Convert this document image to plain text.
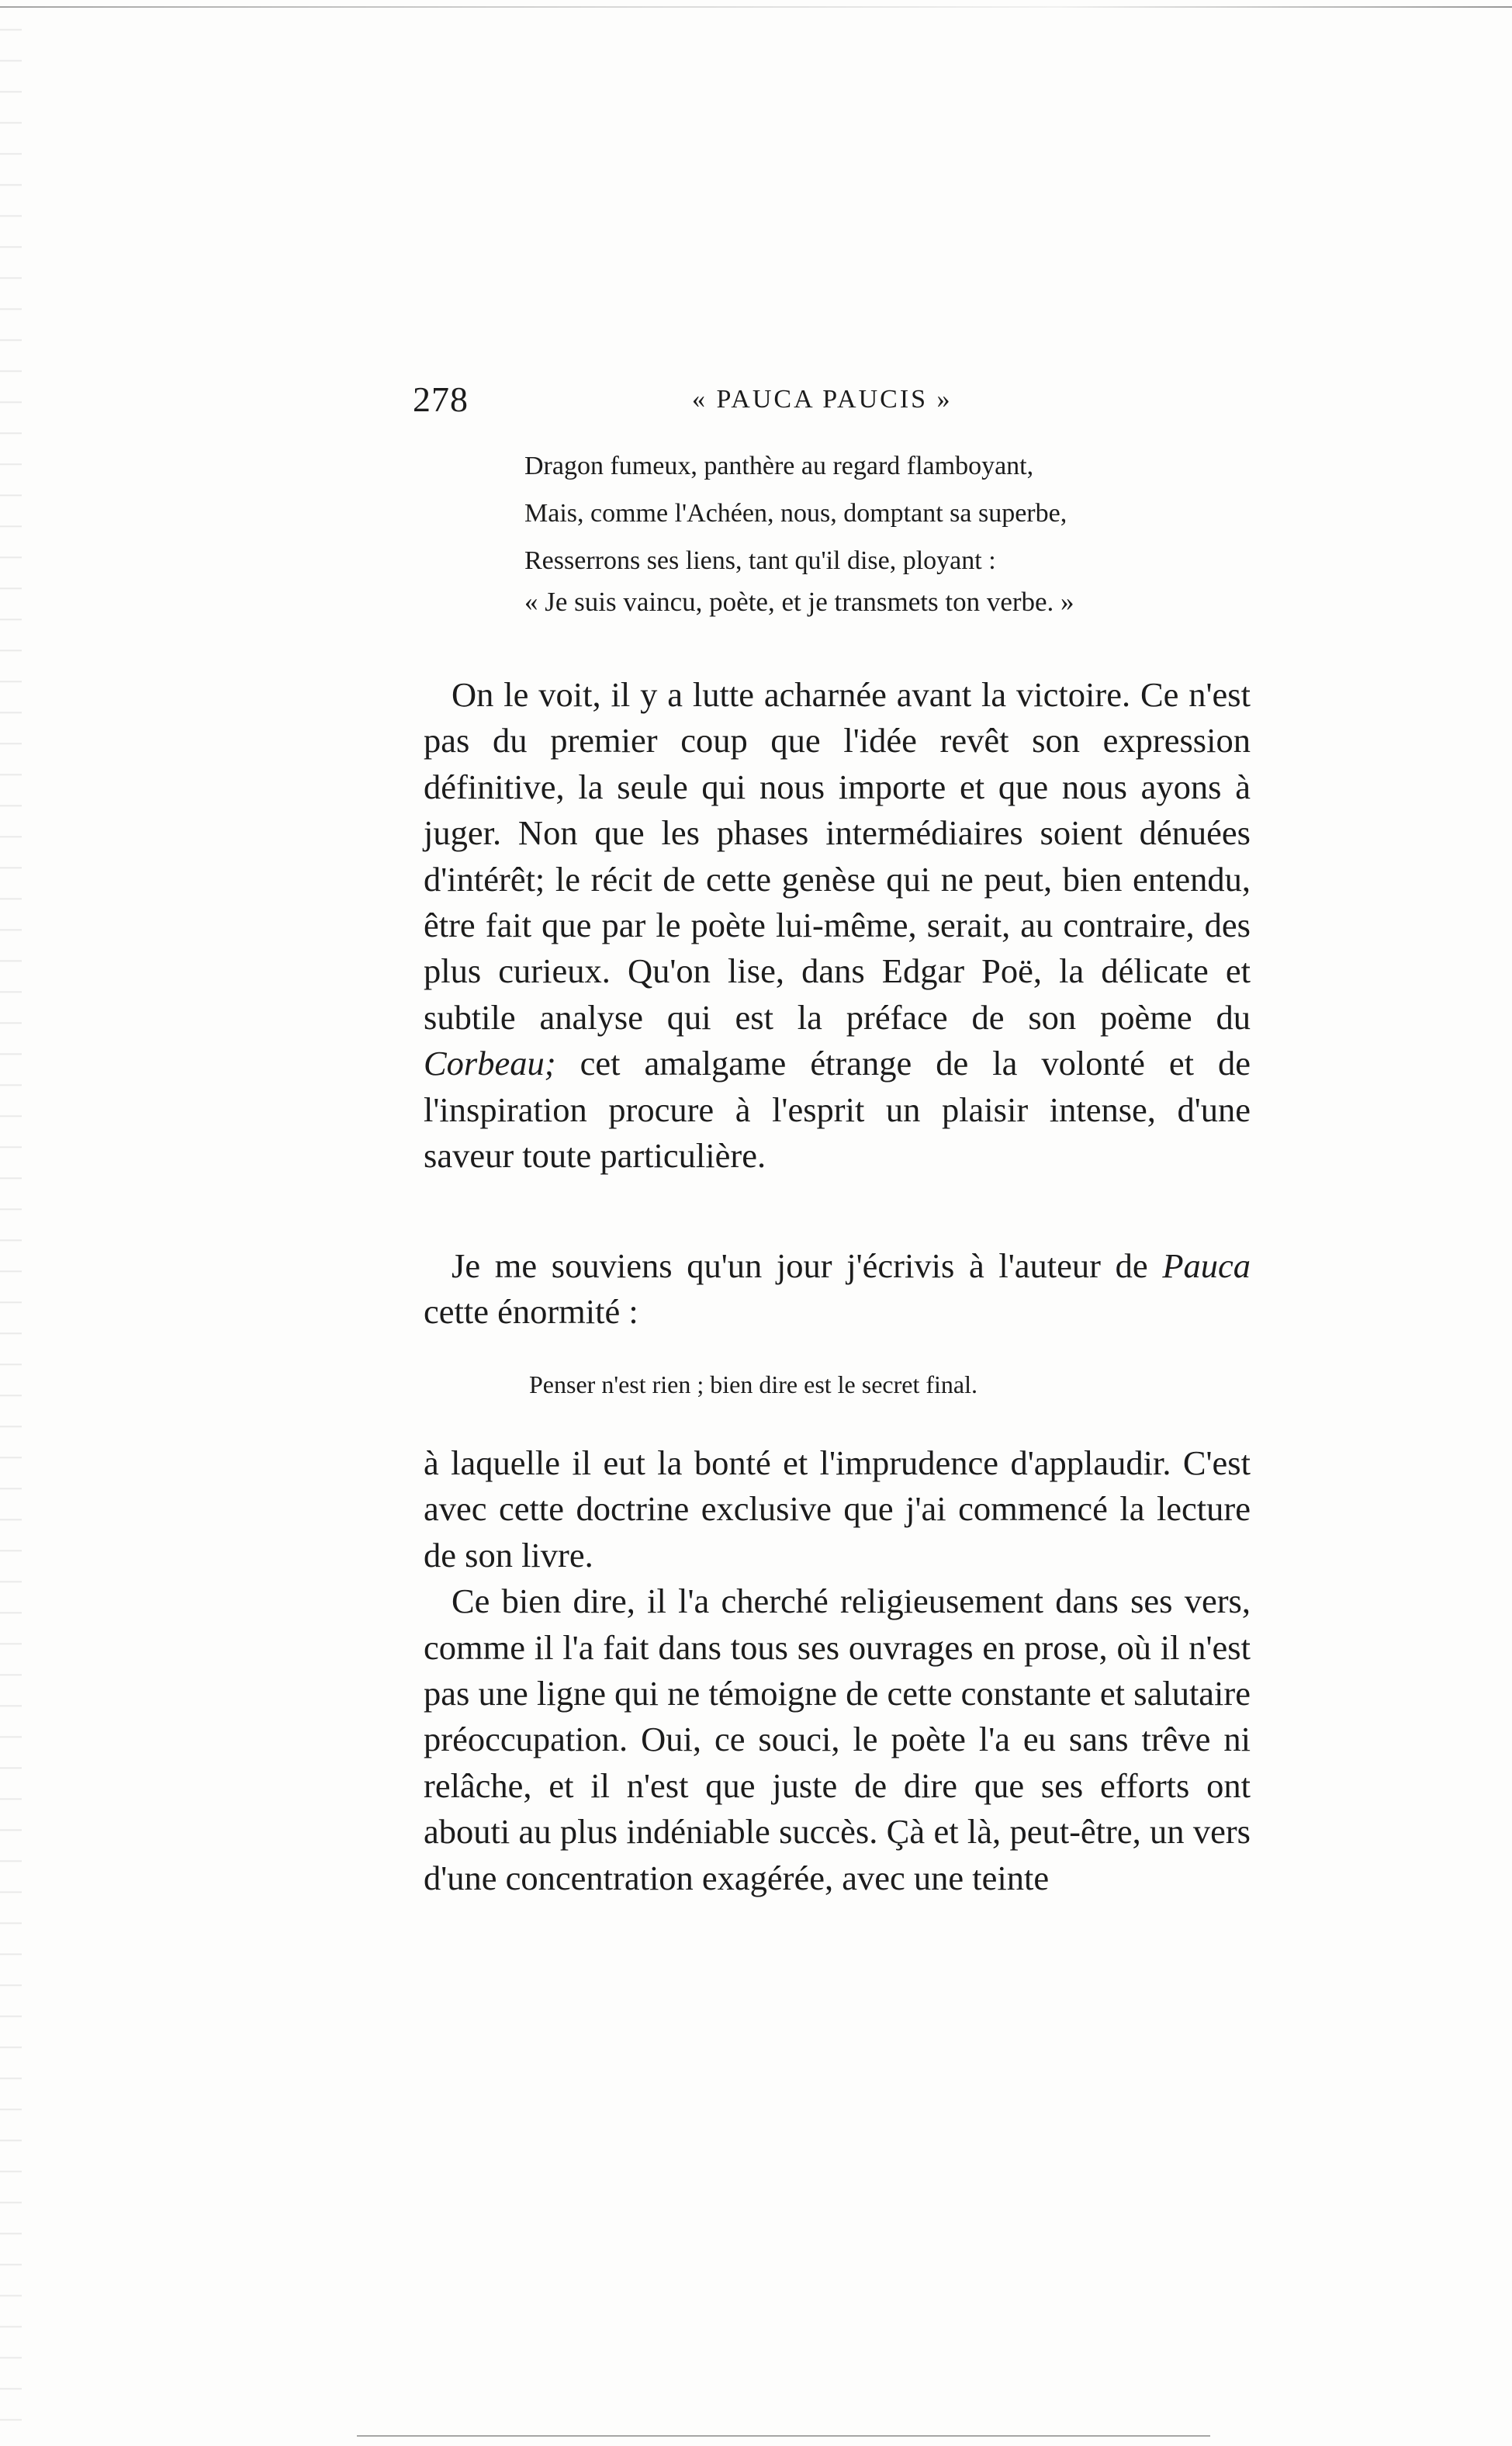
278	« PAUCA PAUCIS »
Dragon fumeux, panthère au regard flamboyant,
Mais, comme l'Achéen, nous, domptant sa superbe,
Resserrons ses liens, tant qu'il dise, ployant :
« Je suis vaincu, poète, et je transmets ton verbe. »

On le voit, il y a lutte acharnée avant la victoire. Ce n'est pas du premier coup que l'idée revêt son expression définitive, la seule qui nous importe et que nous ayons à juger. Non que les phases intermédiaires soient dénuées d'intérêt; le récit de cette genèse qui ne peut, bien entendu, être fait que par le poète lui-même, serait, au contraire, des plus curieux. Qu'on lise, dans Edgar Poë, la délicate et subtile analyse qui est la préface de son poème du Corbeau; cet amalgame étrange de la volonté et de l'inspiration procure à l'esprit un plaisir intense, d'une saveur toute particulière.

Je me souviens qu'un jour j'écrivis à l'auteur de Pauca cette énormité :

Penser n'est rien ; bien dire est le secret final.

à laquelle il eut la bonté et l'imprudence d'applaudir. C'est avec cette doctrine exclusive que j'ai commencé la lecture de son livre.

Ce bien dire, il l'a cherché religieusement dans ses vers, comme il l'a fait dans tous ses ouvrages en prose, où il n'est pas une ligne qui ne témoigne de cette constante et salutaire préoccupation. Oui, ce souci, le poète l'a eu sans trêve ni relâche, et il n'est que juste de dire que ses efforts ont abouti au plus indéniable succès. Çà et là, peut-être, un vers d'une concentration exagérée, avec une teinte
